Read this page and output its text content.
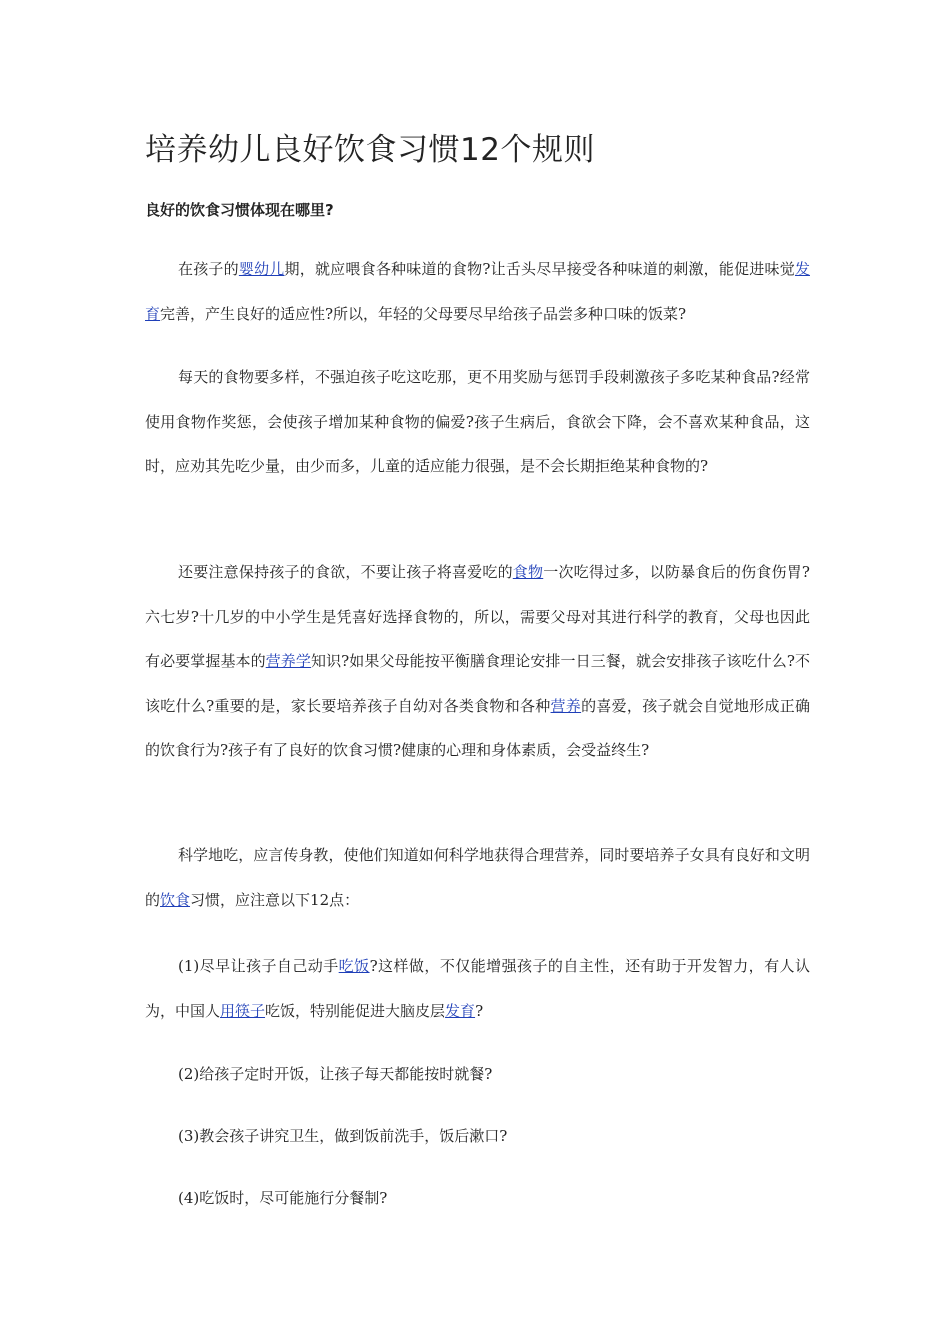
培养幼儿良好饮食习惯12个规则
良好的饮食习惯体现在哪里?

在孩子的婴幼儿期，就应喂食各种味道的食物?让舌头尽早接受各种味道的刺激，能促进味觉发育完善，产生良好的适应性?所以，年轻的父母要尽早给孩子品尝多种口味的饭菜?

每天的食物要多样，不强迫孩子吃这吃那，更不用奖励与惩罚手段刺激孩子多吃某种食品?经常使用食物作奖惩，会使孩子增加某种食物的偏爱?孩子生病后，食欲会下降，会不喜欢某种食品，这时，应劝其先吃少量，由少而多，儿童的适应能力很强，是不会长期拒绝某种食物的?

还要注意保持孩子的食欲，不要让孩子将喜爱吃的食物一次吃得过多，以防暴食后的伤食伤胃?六七岁?十几岁的中小学生是凭喜好选择食物的，所以，需要父母对其进行科学的教育，父母也因此有必要掌握基本的营养学知识?如果父母能按平衡膳食理论安排一日三餐，就会安排孩子该吃什么?不该吃什么?重要的是，家长要培养孩子自幼对各类食物和各种营养的喜爱，孩子就会自觉地形成正确的饮食行为?孩子有了良好的饮食习惯?健康的心理和身体素质，会受益终生?

科学地吃，应言传身教，使他们知道如何科学地获得合理营养，同时要培养子女具有良好和文明的饮食习惯，应注意以下12点：

(1)尽早让孩子自己动手吃饭?这样做，不仅能增强孩子的自主性，还有助于开发智力，有人认为，中国人用筷子吃饭，特别能促进大脑皮层发育?

(2)给孩子定时开饭，让孩子每天都能按时就餐?

(3)教会孩子讲究卫生，做到饭前洗手，饭后漱口?

(4)吃饭时，尽可能施行分餐制?
